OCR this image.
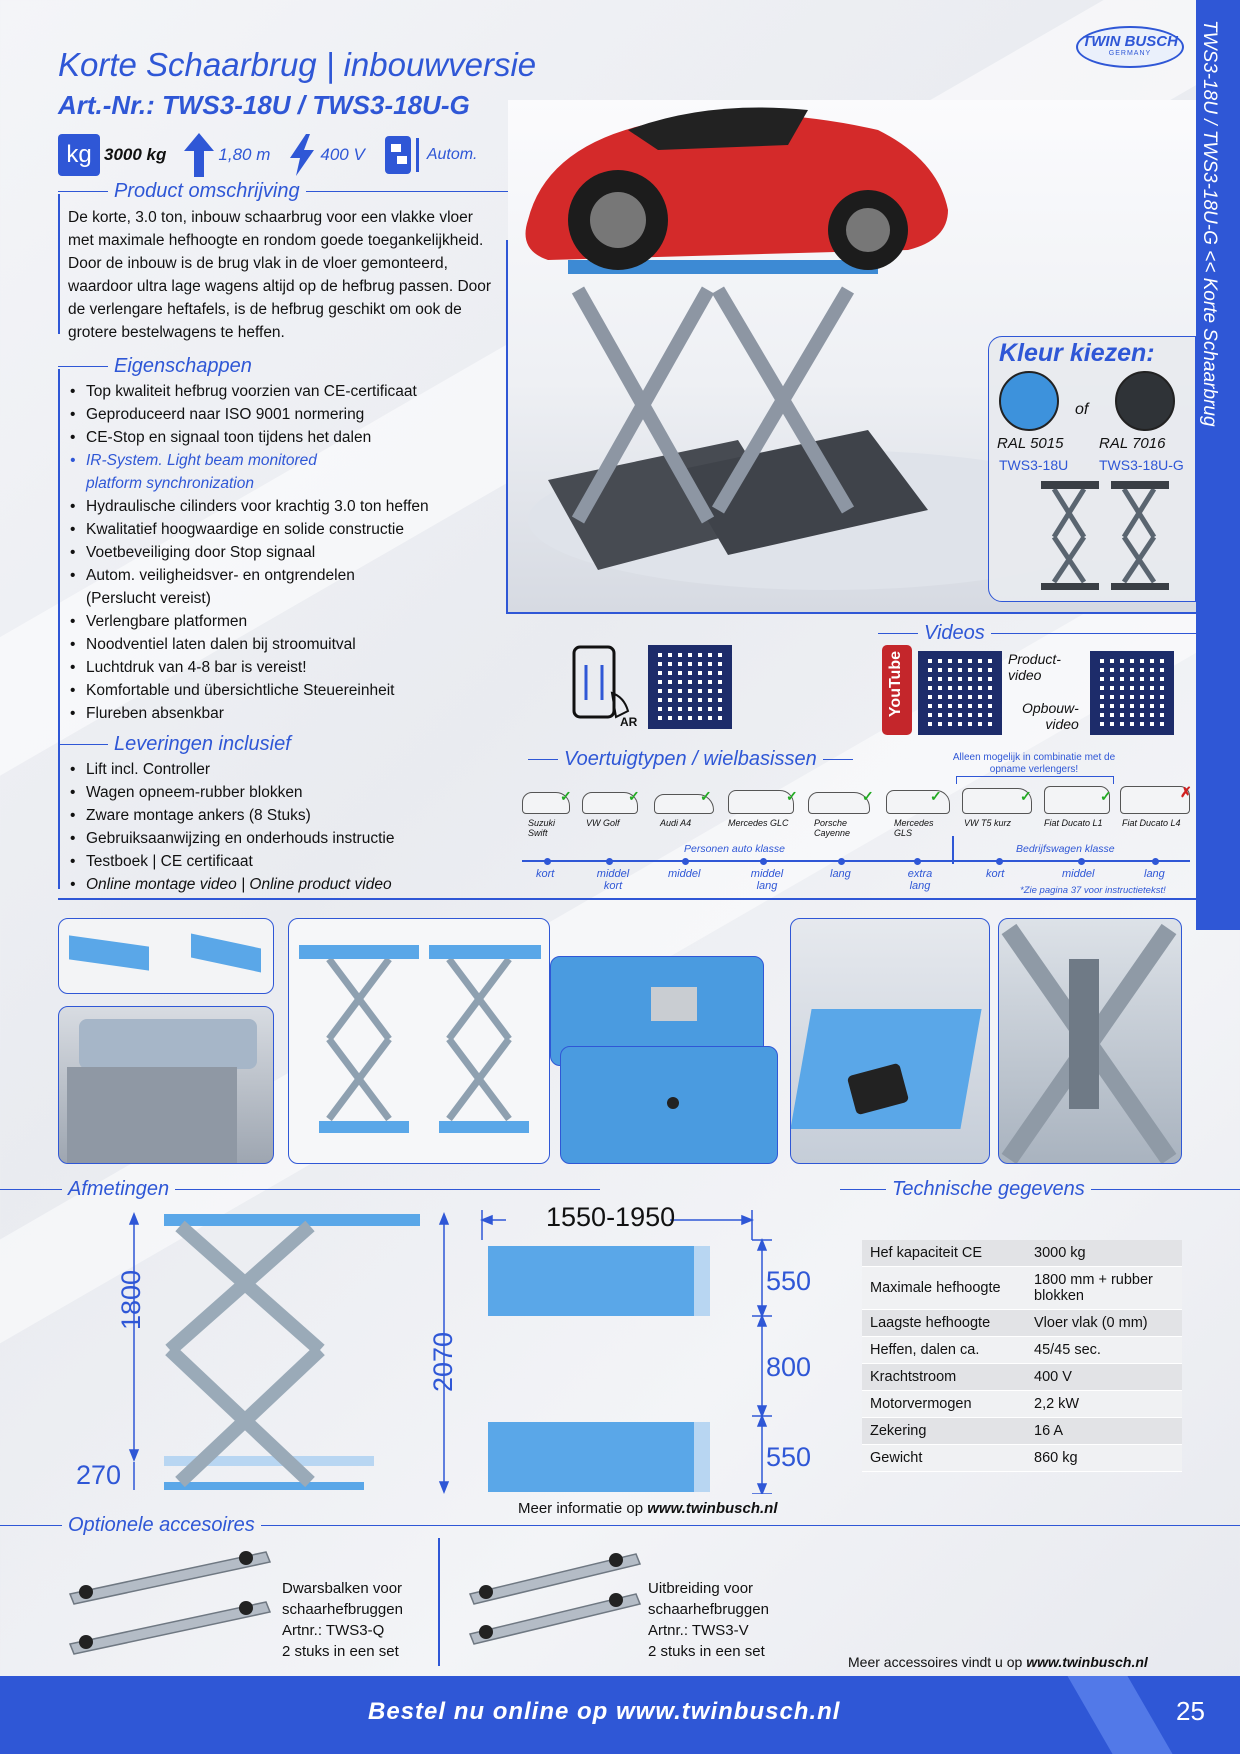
Korte Schaarbrug | inbouwversie
Art.-Nr.: TWS3-18U / TWS3-18U-G
TWIN BUSCH
GERMANY
kg 3000 kg	1,80 m	400 V	Autom.
Product omschrijving
De korte, 3.0 ton, inbouw schaarbrug voor een vlakke vloer met maximale hefhoogte en rondom goede toegankelijkheid. Door de inbouw is de brug vlak in de vloer gemonteerd, waardoor ultra lage wagens altijd op de hefbrug passen. Door de verlengare heftafels, is de hefbrug geschikt om ook de grotere bestelwagens te heffen.
Eigenschappen
• Top kwaliteit hefbrug voorzien van CE-certificaat
• Geproduceerd naar ISO 9001 normering
• CE-Stop en signaal toon tijdens het dalen
• IR-System. Light beam monitored platform synchronization
• Hydraulische cilinders voor krachtig 3.0 ton heffen
• Kwalitatief hoogwaardige en solide constructie
• Voetbeveiliging door Stop signaal
• Autom. veiligheidsver- en ontgrendelen (Perslucht vereist)
• Verlengbare platformen
• Noodventiel laten dalen bij stroomuitval
• Luchtdruk van 4-8 bar is vereist!
• Komfortable und übersichtliche Steuereinheit
• Flureben absenkbar
Leveringen inclusief
• Lift incl. Controller
• Wagen opneem-rubber blokken
• Zware montage ankers (8 Stuks)
• Gebruiksaanwijzing en onderhouds instructie
• Testboek | CE certificaat
• Online montage video | Online product video
Kleur kiezen:
of
RAL 5015 RAL 7016
TWS3-18U TWS3-18U-G
TWS3-18U / TWS3-18U-G << Korte Schaarbrug
Videos
AR
YouTube	Product-
video
Opbouw-
video
Voertuigtypen / wielbasissen	Alleen mogelijk in combinatie met de opname verlengers!
✓
Suzuki Swift
✓
VW Golf
✓
Audi A4
✓
Mercedes GLC
✓
Porsche Cayenne
✓
Mercedes GLS
✓
VW T5 kurz
✓
Fiat Ducato L1
✗
Fiat Ducato L4
Personen auto klasse	Bedrijfswagen klasse
kort	middel kort
middel	middel lang
lang	extra lang
kort	middel	lang
*Zie pagina 37 voor instructietekst!
Afmetingen	Technische gegevens
1800
270
2070
1550-1950
550
800
550
Meer informatie op www.twinbusch.nl
Hef kapaciteit CE	3000 kg
Maximale hefhoogte	1800 mm + rubber blokken
Laagste hefhoogte	Vloer vlak (0 mm)
Heffen, dalen ca.	45/45 sec.
Krachtstroom	400 V
Motorvermogen	2,2 kW
Zekering	16 A
Gewicht	860 kg
Optionele accesoires
Dwarsbalken voor schaarhefbruggen
Artnr.: TWS3-Q
2 stuks in een set
Uitbreiding voor schaarhefbruggen
Artnr.: TWS3-V
2 stuks in een set
Meer accessoires vindt u op www.twinbusch.nl
Bestel nu online op www.twinbusch.nl	25
